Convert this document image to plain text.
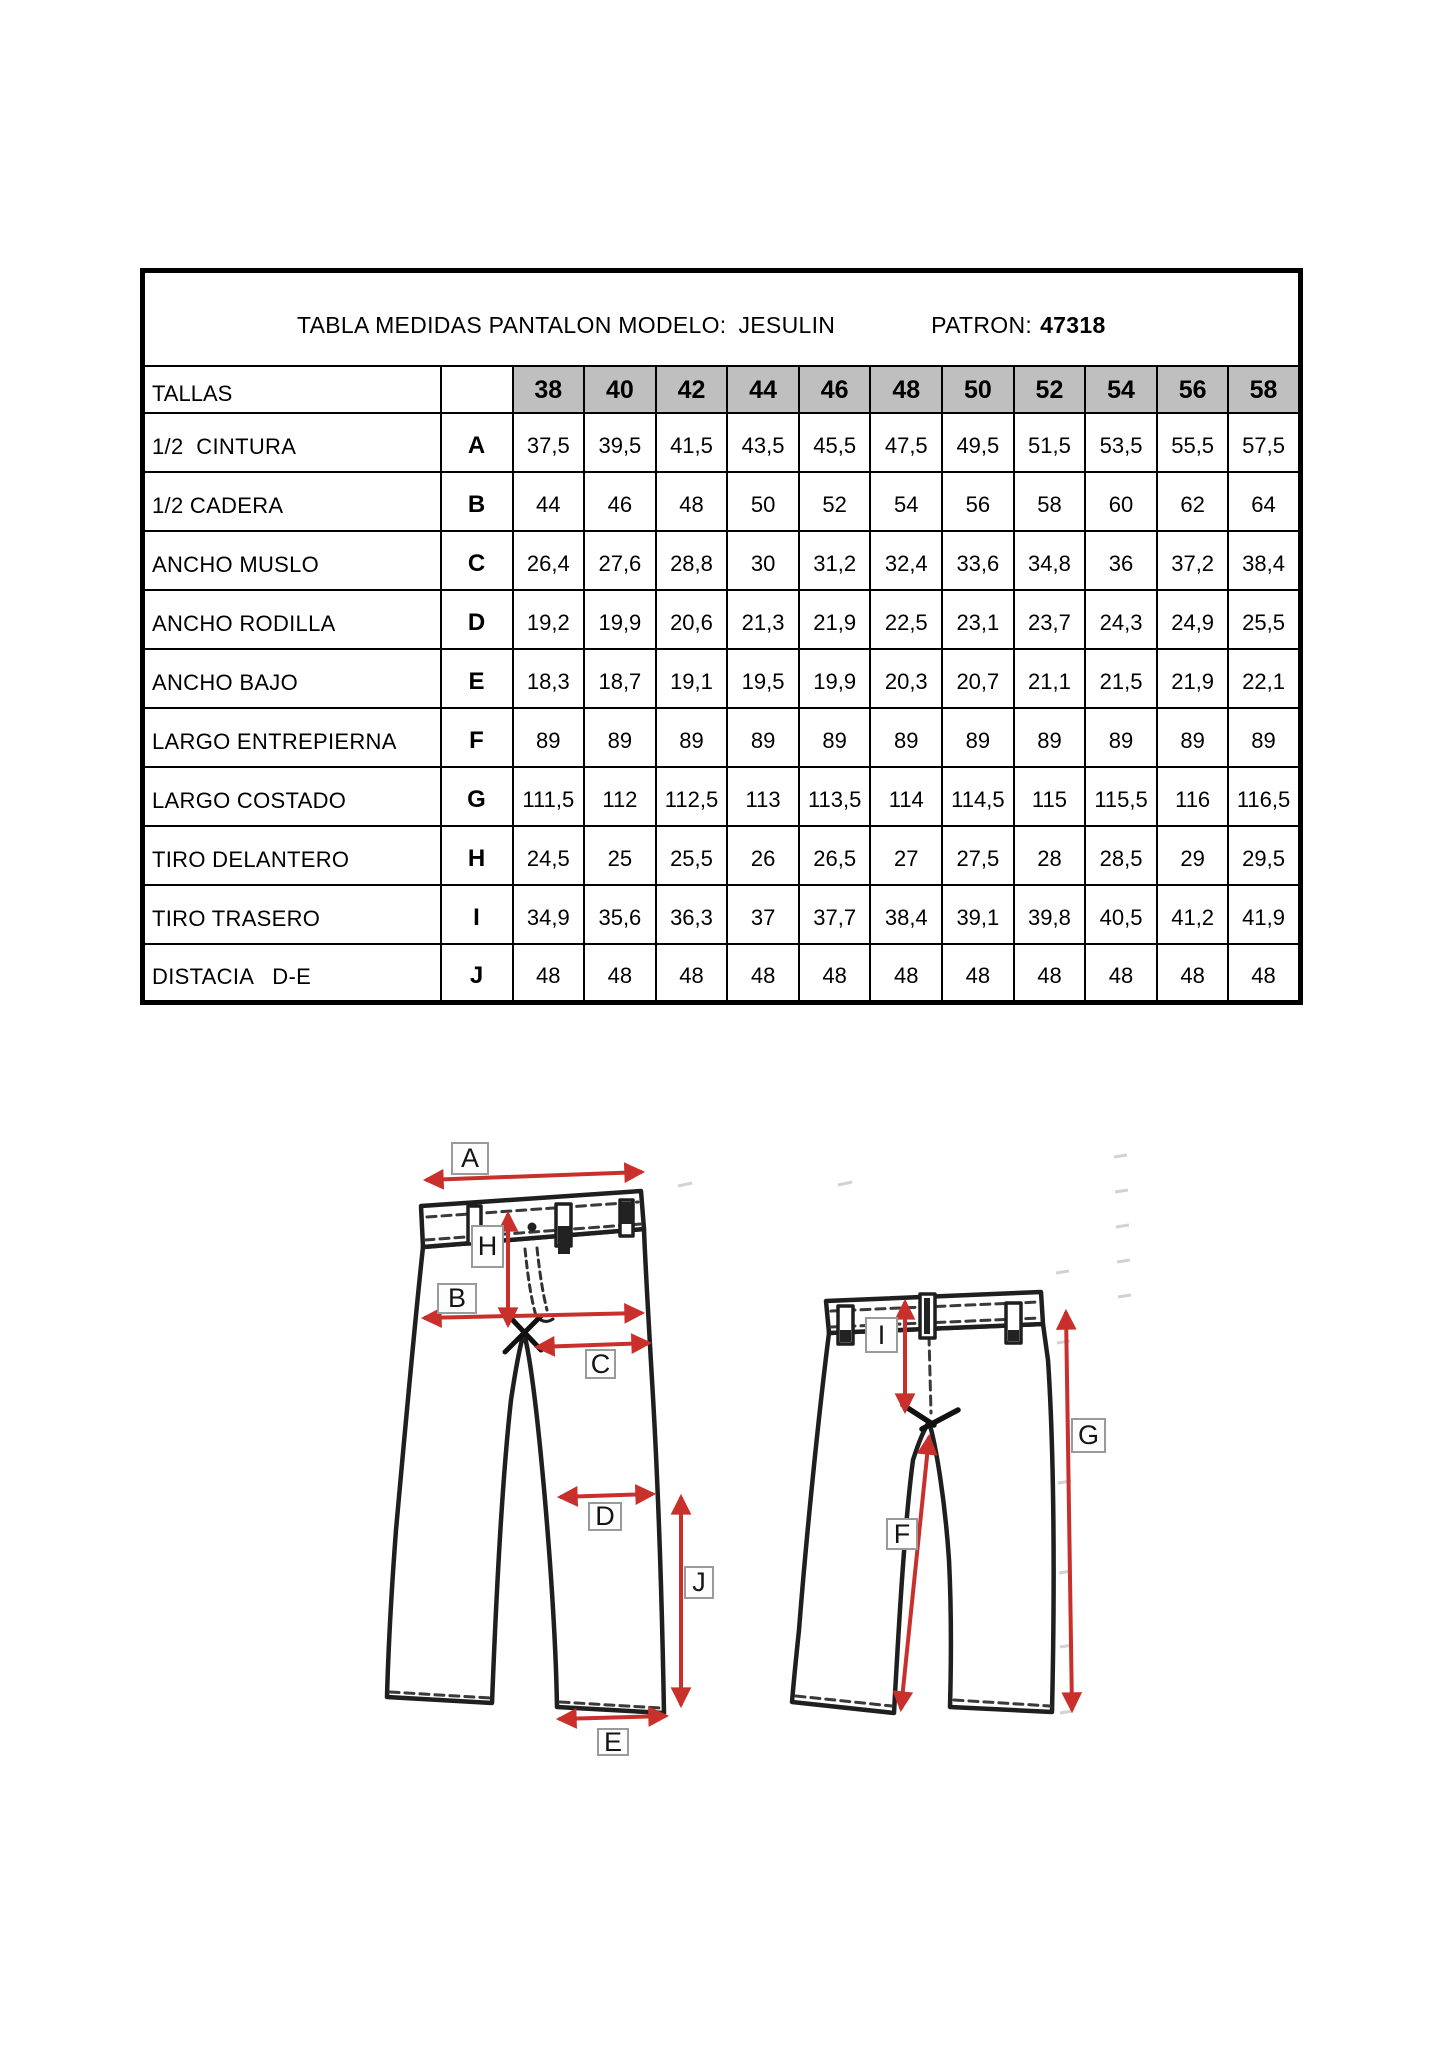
TABLA MEDIDAS PANTALON MODELO: JESULIN PATRON: 47318												

TALLAS		38	40	42	44	46	48	50	52	54	56	58
1/2  CINTURA	A	37,5	39,5	41,5	43,5	45,5	47,5	49,5	51,5	53,5	55,5	57,5
1/2 CADERA	B	44	46	48	50	52	54	56	58	60	62	64
ANCHO MUSLO	C	26,4	27,6	28,8	30	31,2	32,4	33,6	34,8	36	37,2	38,4
ANCHO RODILLA	D	19,2	19,9	20,6	21,3	21,9	22,5	23,1	23,7	24,3	24,9	25,5
ANCHO BAJO	E	18,3	18,7	19,1	19,5	19,9	20,3	20,7	21,1	21,5	21,9	22,1
LARGO ENTREPIERNA	F	89	89	89	89	89	89	89	89	89	89	89
LARGO COSTADO	G	111,5	112	112,5	113	113,5	114	114,5	115	115,5	116	116,5
TIRO DELANTERO	H	24,5	25	25,5	26	26,5	27	27,5	28	28,5	29	29,5
TIRO TRASERO	I	34,9	35,6	36,3	37	37,7	38,4	39,1	39,8	40,5	41,2	41,9
DISTACIA   D-E	J	48	48	48	48	48	48	48	48	48	48	48
A
H
B
C
D
J
E
I
F
G
